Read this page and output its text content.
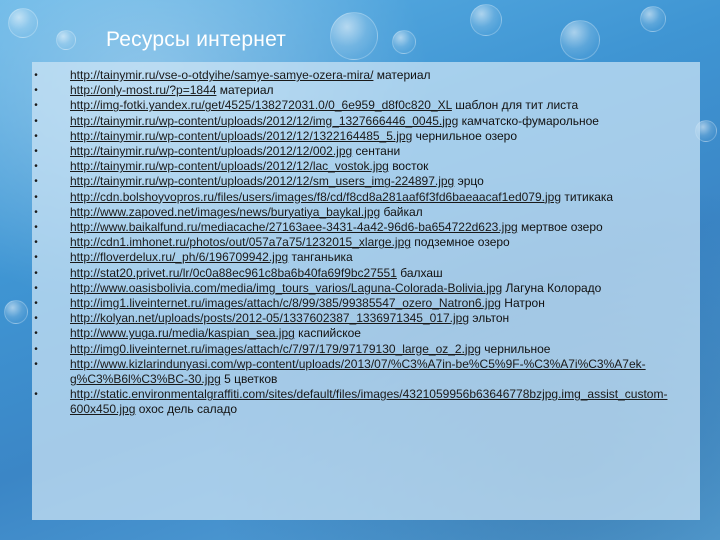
Ресурсы интернет
•	http://tainymir.ru/vse-o-otdyihe/samye-samye-ozera-mira/ материал
•	http://only-most.ru/?p=1844 материал
•	http://img-fotki.yandex.ru/get/4525/138272031.0/0_6e959_d8f0c820_XL шаблон для тит листа
•	http://tainymir.ru/wp-content/uploads/2012/12/img_1327666446_0045.jpg камчатско-фумарольное
•	http://tainymir.ru/wp-content/uploads/2012/12/1322164485_5.jpg чернильное озеро
•	http://tainymir.ru/wp-content/uploads/2012/12/002.jpg сентани
•	http://tainymir.ru/wp-content/uploads/2012/12/lac_vostok.jpg восток
•	http://tainymir.ru/wp-content/uploads/2012/12/sm_users_img-224897.jpg эрцо
•	http://cdn.bolshoyvopros.ru/files/users/images/f8/cd/f8cd8a281aaf6f3fd6baeaacaf1ed079.jpg титикака
•	http://www.zapoved.net/images/news/buryatiya_baykal.jpg байкал
•	http://www.baikalfund.ru/mediacache/27163aee-3431-4a42-96d6-ba654722d623.jpg мертвое озеро
•	http://cdn1.imhonet.ru/photos/out/057a7a75/1232015_xlarge.jpg подземное озеро
•	http://floverdelux.ru/_ph/6/196709942.jpg танганьика
•	http://stat20.privet.ru/lr/0c0a88ec961c8ba6b40fa69f9bc27551 балхаш
•	http://www.oasisbolivia.com/media/img_tours_varios/Laguna-Colorada-Bolivia.jpg Лагуна Колорадо
•	http://img1.liveinternet.ru/images/attach/c/8/99/385/99385547_ozero_Natron6.jpg Натрон
•	http://kolyan.net/uploads/posts/2012-05/1337602387_1336971345_017.jpg эльтон
•	http://www.yuga.ru/media/kaspian_sea.jpg каспийское
•	http://img0.liveinternet.ru/images/attach/c/7/97/179/97179130_large_oz_2.jpg чернильное
•	http://www.kizlarindunyasi.com/wp-content/uploads/2013/07/%C3%A7in-be%C5%9F-%C3%A7i%C3%A7ek-g%C3%B6l%C3%BC-30.jpg 5 цветков
•	http://static.environmentalgraffiti.com/sites/default/files/images/4321059956b63646778bzjpg.img_assist_custom-600x450.jpg охос дель саладо
